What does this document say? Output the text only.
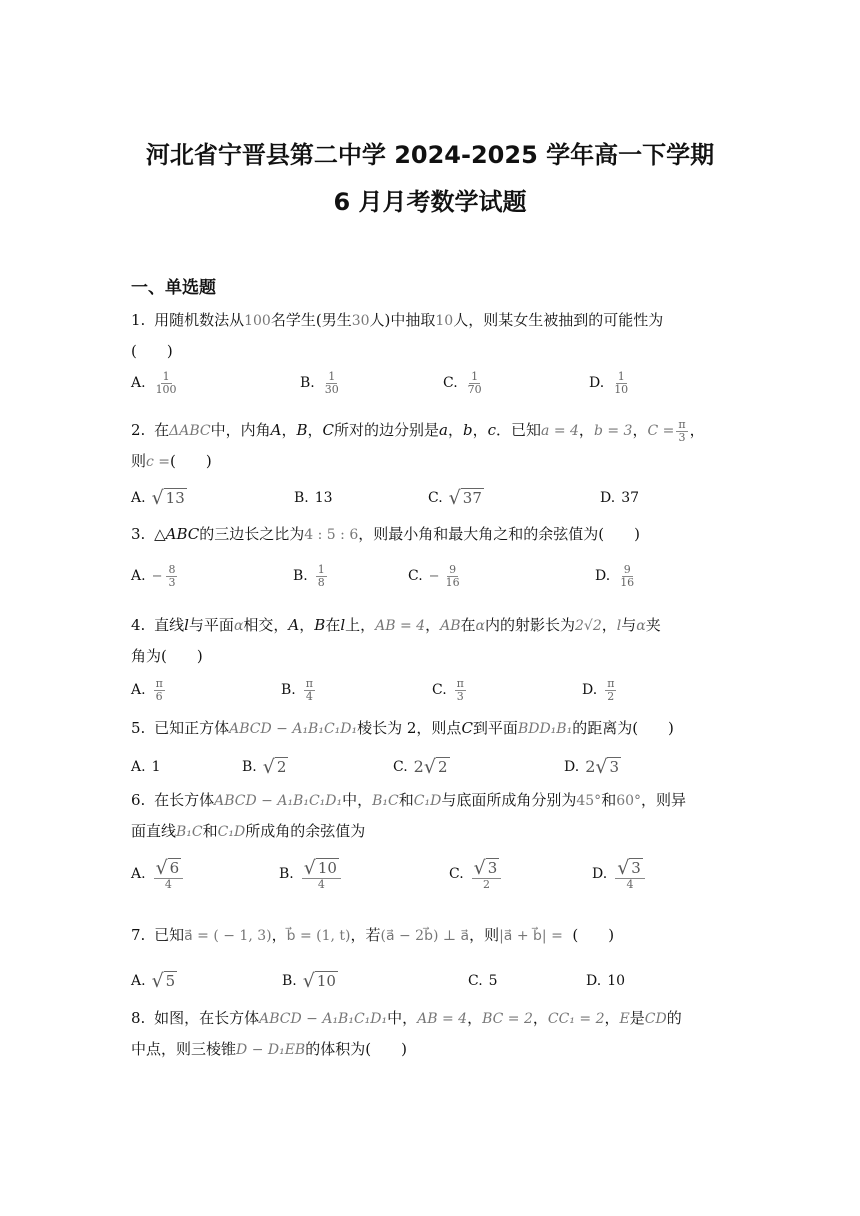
河北省宁晋县第二中学 2024-2025 学年高一下学期
6 月月考数学试题
一、单选题
1. 用随机数法从100名学生(男生30人)中抽取10人，则某女生被抽到的可能性为
(　　)
A. $\frac{1}{100}$	B. $\frac{1}{30}$	C. $\frac{1}{70}$	D. $\frac{1}{10}$
2. 在ΔABC中，内角A，B，C所对的边分别是a，b，c．已知a = 4，b = 3，$C = \frac{\pi}{3}$ ，
则c =(　　)
A. √ 13	B. 13	C. √ 37	D. 37
3. △ABC的三边长之比为4 : 5 : 6，则最小角和最大角之和的余弦值为(　　)
A. − $\frac{8}{3}$	B. $\frac{1}{8}$	C. − $\frac{9}{16}$	D. $\frac{9}{16}$
4. 直线l与平面α相交，A，B在l上，AB = 4，AB在α内的射影长为2√2，l与α夹
角为(　　)
A. $\frac{\pi}{6}$	B. $\frac{\pi}{4}$	C. $\frac{\pi}{3}$	D. $\frac{\pi}{2}$
5. 已知正方体ABCD − A₁B₁C₁D₁棱长为 2，则点C到平面BDD₁B₁的距离为(　　)
A. 1	B. √ 2	C. 2 √ 2	D. 2 √ 3
6. 在长方体ABCD − A₁B₁C₁D₁中，B₁C和C₁D与底面所成角分别为45°和60°，则异
面直线B₁C和C₁D所成角的余弦值为
A. $\frac{√ 6}{4}$	B. $\frac{√ 10}{4}$	C. $\frac{√ 3}{2}$	D. $\frac{√ 3}{4}$
7. 已知a⃗ = ( − 1, 3)，b⃗ = (1, t)，若(a⃗ − 2b⃗) ⊥ a⃗，则|a⃗ + b⃗| = (　　)
A. √ 5	B. √ 10	C. 5	D. 10
8. 如图，在长方体ABCD − A₁B₁C₁D₁中，AB = 4，BC = 2，CC₁ = 2，E是CD的
中点，则三棱锥D − D₁EB的体积为(　　)
